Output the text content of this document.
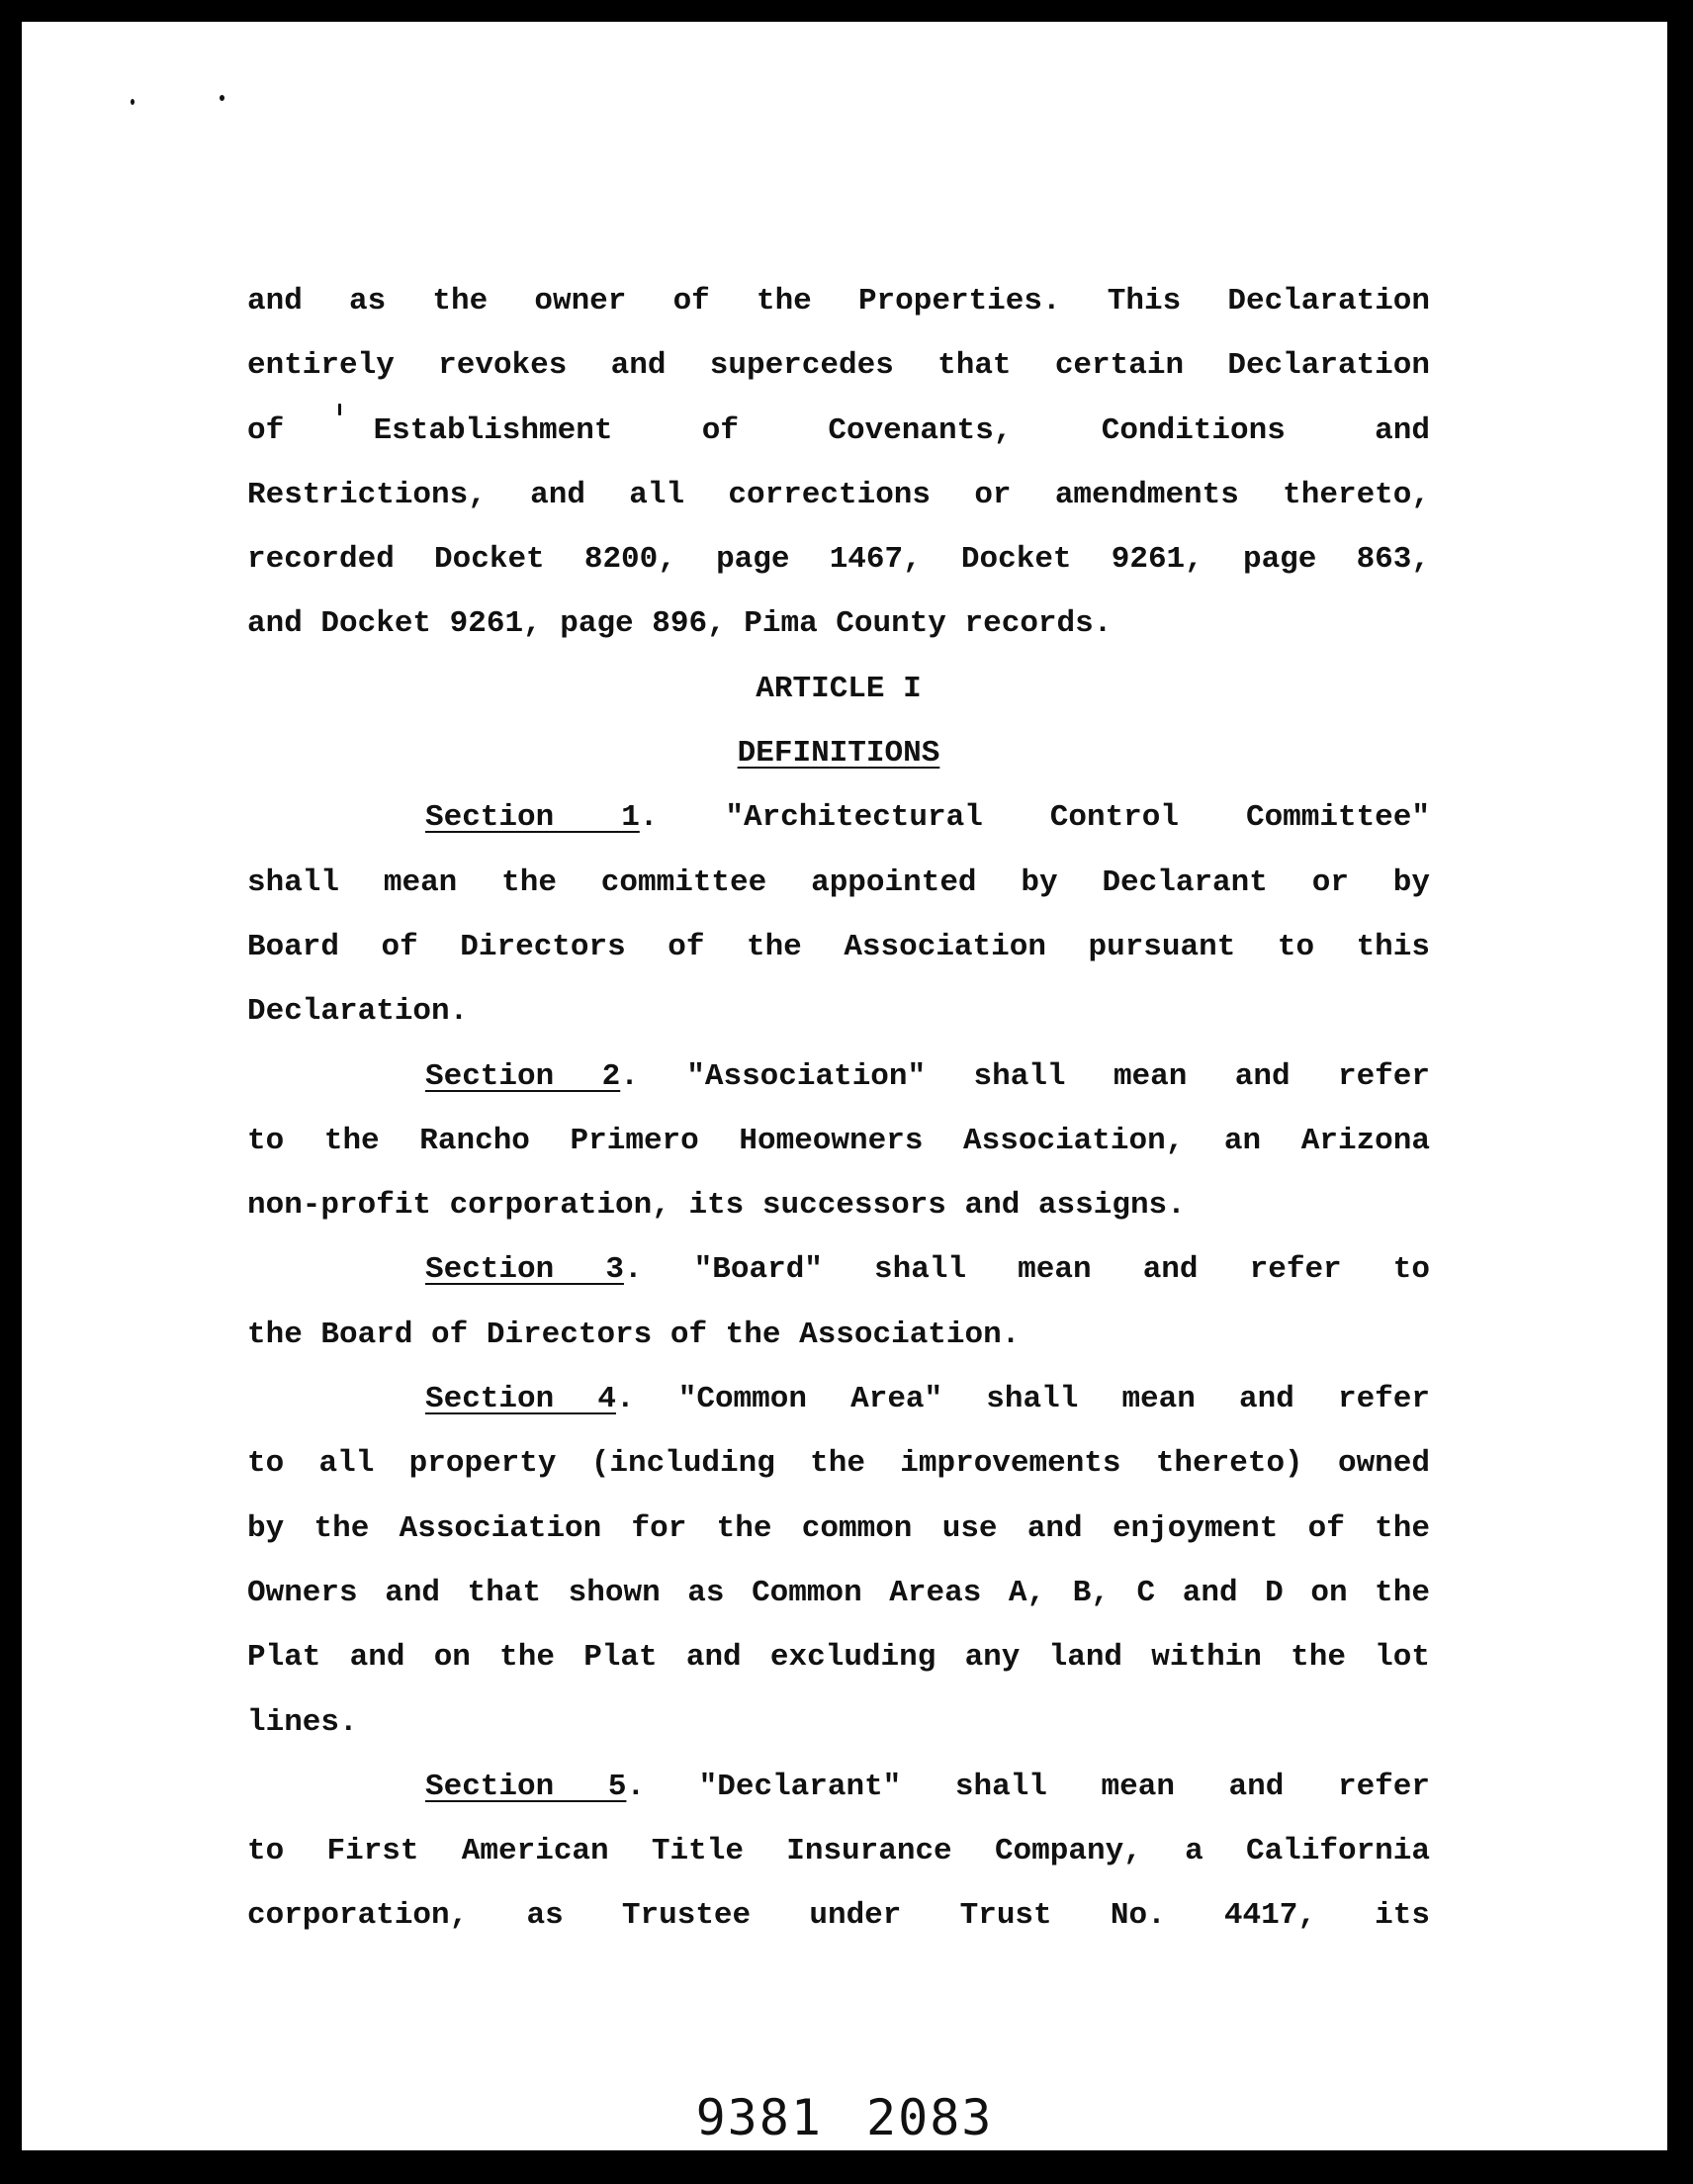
and as the owner of the Properties. This Declaration
entirely revokes and supercedes that certain Declaration
of Establishment of Covenants, Conditions and
Restrictions, and all corrections or amendments thereto,
recorded Docket 8200, page 1467, Docket 9261, page 863,
and Docket 9261, page 896, Pima County records.
ARTICLE I
DEFINITIONS
Section 1. "Architectural Control Committee"
shall mean the committee appointed by Declarant or by
Board of Directors of the Association pursuant to this
Declaration.
Section 2. "Association" shall mean and refer
to the Rancho Primero Homeowners Association, an Arizona
non-profit corporation, its successors and assigns.
Section 3. "Board" shall mean and refer to
the Board of Directors of the Association.
Section 4. "Common Area" shall mean and refer
to all property (including the improvements thereto) owned
by the Association for the common use and enjoyment of the
Owners and that shown as Common Areas A, B, C and D on the
Plat and on the Plat and excluding any land within the lot
lines.
Section 5. "Declarant" shall mean and refer
to First American Title Insurance Company, a California
corporation, as Trustee under Trust No. 4417, its
9381 2083
